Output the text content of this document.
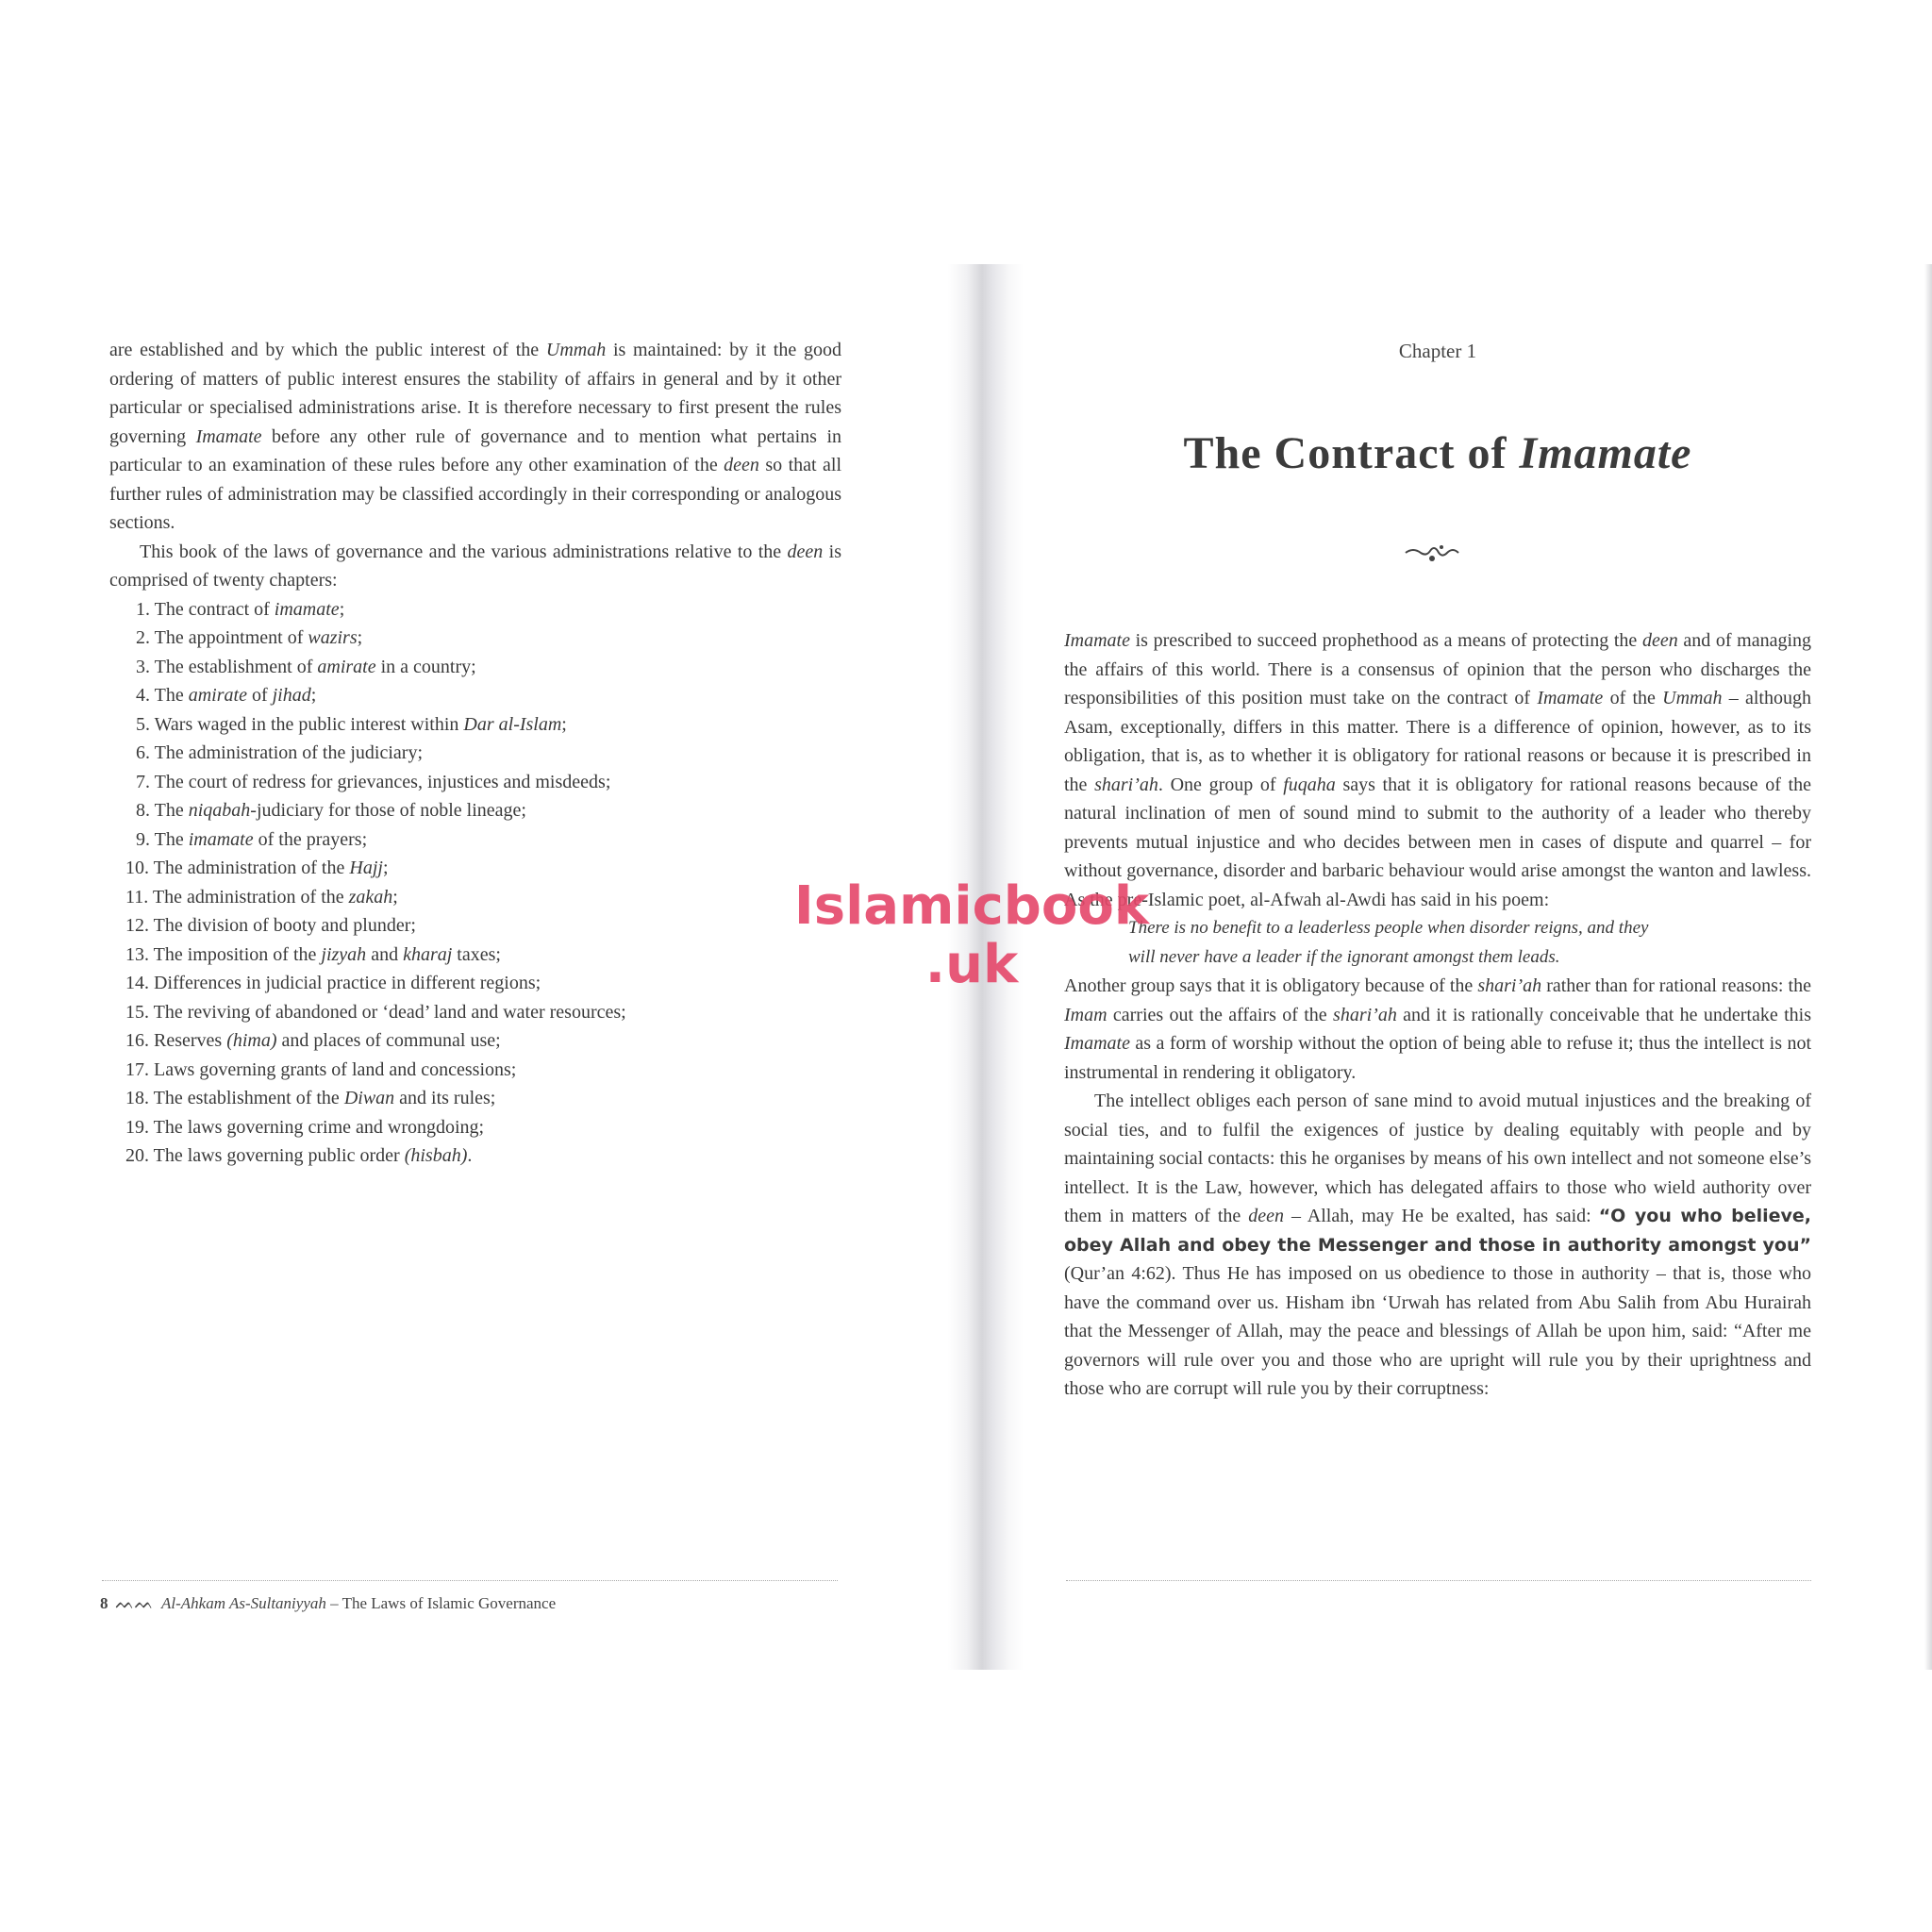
are established and by which the public interest of the Ummah is maintained: by it the good ordering of matters of public interest ensures the stability of affairs in general and by it other particular or specialised administrations arise. It is therefore necessary to first present the rules governing Imamate before any other rule of governance and to mention what pertains in particular to an examination of these rules before any other examination of the deen so that all further rules of administration may be classified accordingly in their corresponding or analogous sections.

This book of the laws of governance and the various administrations relative to the deen is comprised of twenty chapters:

1. The contract of imamate;
2. The appointment of wazirs;
3. The establishment of amirate in a country;
4. The amirate of jihad;
5. Wars waged in the public interest within Dar al-Islam;
6. The administration of the judiciary;
7. The court of redress for grievances, injustices and misdeeds;
8. The niqabah-judiciary for those of noble lineage;
9. The imamate of the prayers;
10. The administration of the Hajj;
11. The administration of the zakah;
12. The division of booty and plunder;
13. The imposition of the jizyah and kharaj taxes;
14. Differences in judicial practice in different regions;
15. The reviving of abandoned or ‘dead’ land and water resources;
16. Reserves (hima) and places of communal use;
17. Laws governing grants of land and concessions;
18. The establishment of the Diwan and its rules;
19. The laws governing crime and wrongdoing;
20. The laws governing public order (hisbah).
8 ᨓᨓ Al-Ahkam As-Sultaniyyah – The Laws of Islamic Governance
Chapter 1
The Contract of Imamate

Imamate is prescribed to succeed prophethood as a means of protecting the deen and of managing the affairs of this world. There is a consensus of opinion that the person who discharges the responsibilities of this position must take on the contract of Imamate of the Ummah – although Asam, exceptionally, differs in this matter. There is a difference of opinion, however, as to its obligation, that is, as to whether it is obligatory for rational reasons or because it is prescribed in the shari’ah. One group of fuqaha says that it is obligatory for rational reasons because of the natural inclination of men of sound mind to submit to the authority of a leader who thereby prevents mutual injustice and who decides between men in cases of dispute and quarrel – for without governance, disorder and barbaric behaviour would arise amongst the wanton and lawless. As the pre-Islamic poet, al-Afwah al-Awdi has said in his poem:

There is no benefit to a leaderless people when disorder reigns, and they
will never have a leader if the ignorant amongst them leads.

Another group says that it is obligatory because of the shari’ah rather than for rational reasons: the Imam carries out the affairs of the shari’ah and it is rationally conceivable that he undertake this Imamate as a form of worship without the option of being able to refuse it; thus the intellect is not instrumental in rendering it obligatory.

The intellect obliges each person of sane mind to avoid mutual injustices and the breaking of social ties, and to fulfil the exigences of justice by dealing equitably with people and by maintaining social contacts: this he organises by means of his own intellect and not someone else’s intellect. It is the Law, however, which has delegated affairs to those who wield authority over them in matters of the deen – Allah, may He be exalted, has said: “O you who believe, obey Allah and obey the Messenger and those in authority amongst you” (Qur’an 4:62). Thus He has imposed on us obedience to those in authority – that is, those who have the command over us. Hisham ibn ‘Urwah has related from Abu Salih from Abu Hurairah that the Messenger of Allah, may the peace and blessings of Allah be upon him, said: “After me governors will rule over you and those who are upright will rule you by their uprightness and those who are corrupt will rule you by their corruptness:

Islamicbook
.uk
